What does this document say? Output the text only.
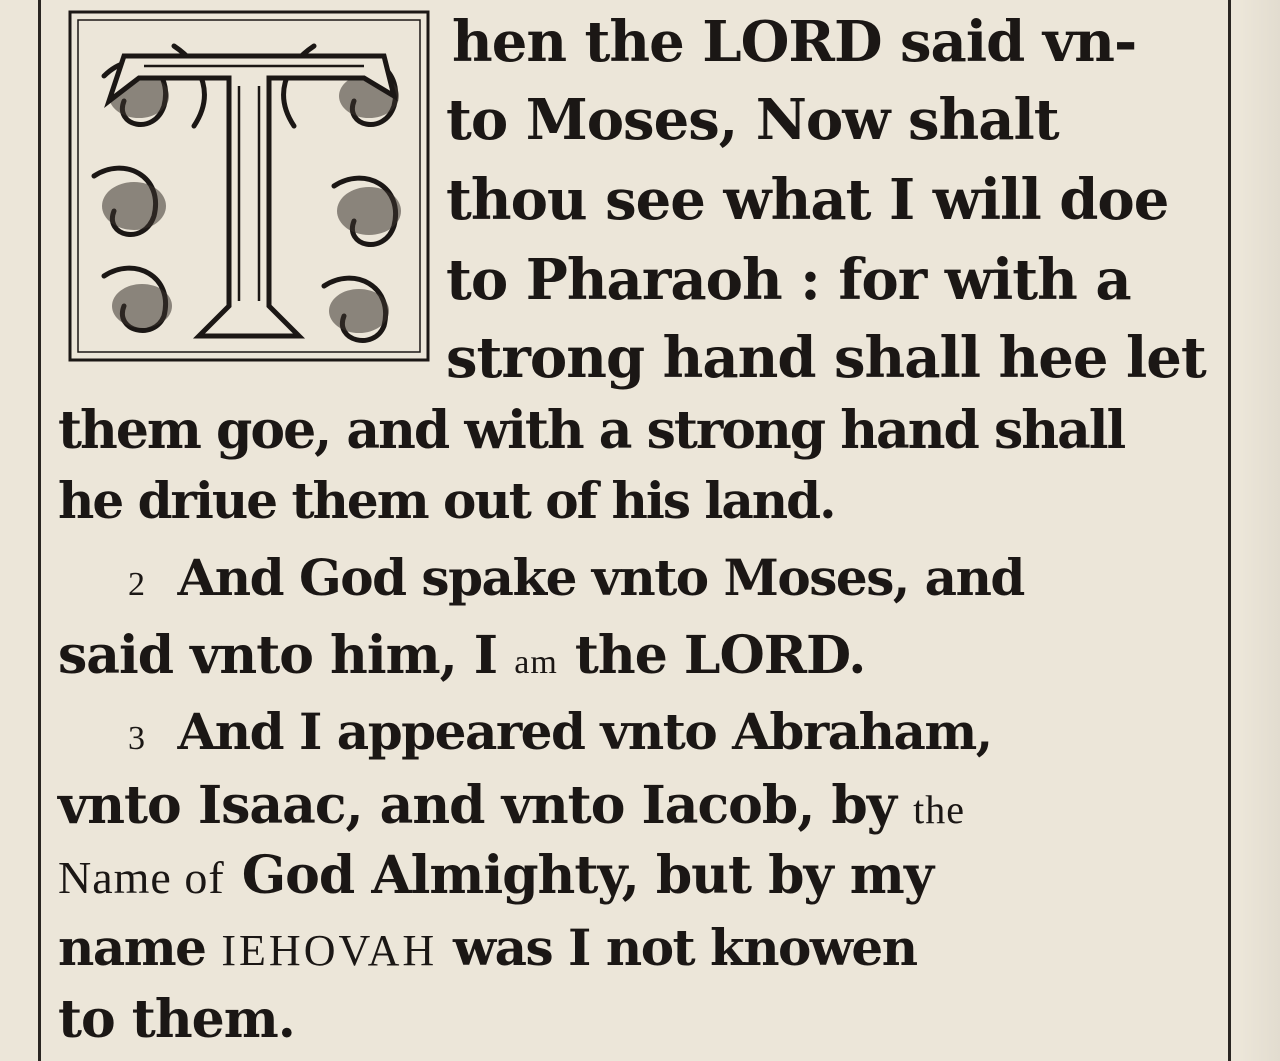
hen the LORD said vn-
to Moses, Now shalt
thou see what I will doe
to Pharaoh : for with a
strong hand shall hee let
them goe, and with a strong hand shall
he driue them out of his land.
2 And God spake vnto Moses, and
said vnto him, I am the LORD.
3 And I appeared vnto Abraham,
vnto Isaac, and vnto Iacob, by the
Name of God Almighty, but by my
name IEHOVAH was I not knowen
to them.
